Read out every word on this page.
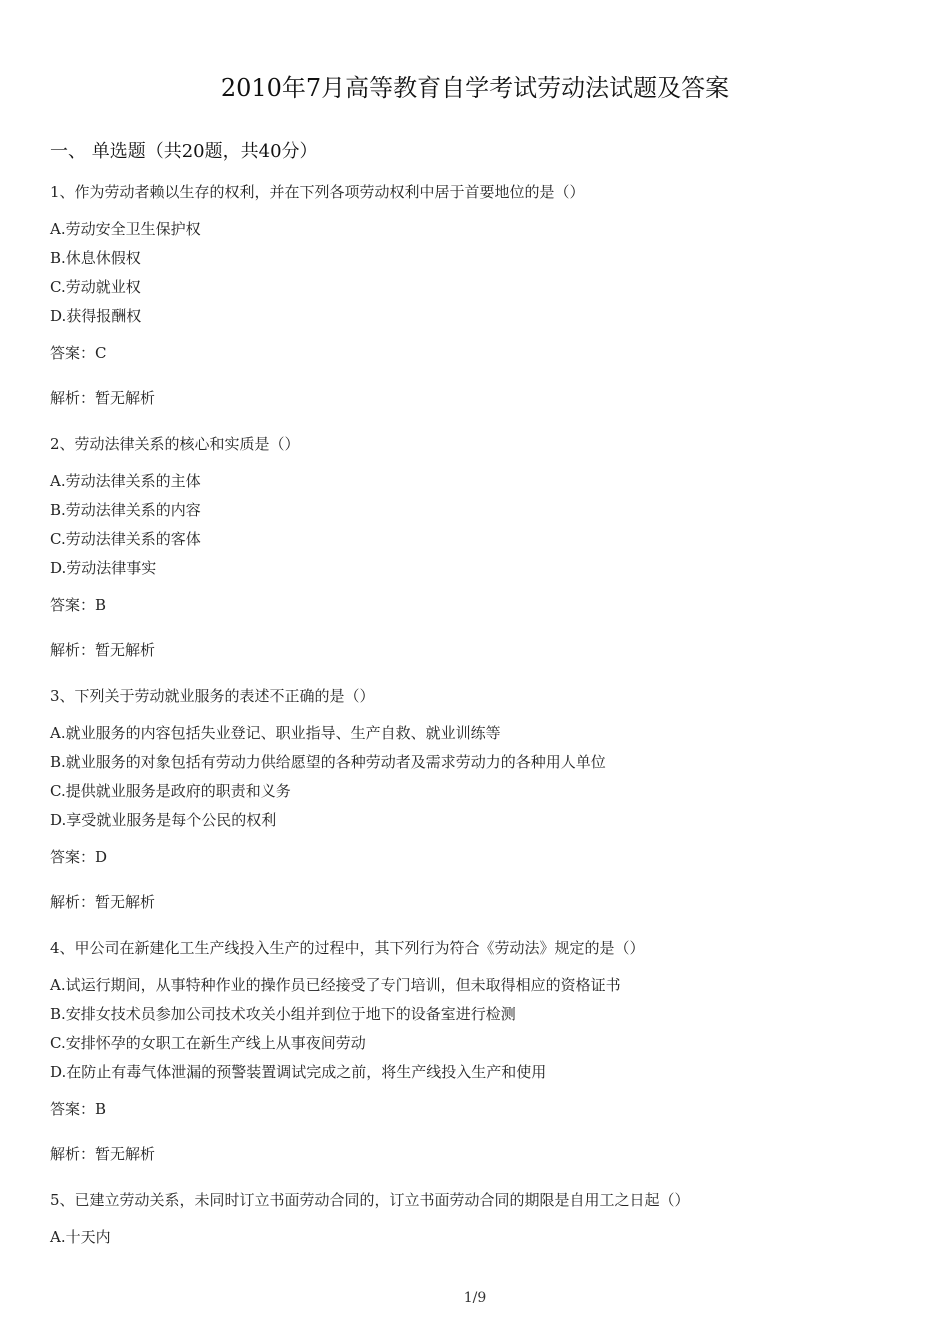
2010年7月高等教育自学考试劳动法试题及答案
一、 单选题（共20题，共40分）
1、作为劳动者赖以生存的权利，并在下列各项劳动权利中居于首要地位的是（）
A.劳动安全卫生保护权
B.休息休假权
C.劳动就业权
D.获得报酬权
答案：C
解析：暂无解析
2、劳动法律关系的核心和实质是（）
A.劳动法律关系的主体
B.劳动法律关系的内容
C.劳动法律关系的客体
D.劳动法律事实
答案：B
解析：暂无解析
3、下列关于劳动就业服务的表述不正确的是（）
A.就业服务的内容包括失业登记、职业指导、生产自救、就业训练等
B.就业服务的对象包括有劳动力供给愿望的各种劳动者及需求劳动力的各种用人单位
C.提供就业服务是政府的职责和义务
D.享受就业服务是每个公民的权利
答案：D
解析：暂无解析
4、甲公司在新建化工生产线投入生产的过程中，其下列行为符合《劳动法》规定的是（）
A.试运行期间，从事特种作业的操作员已经接受了专门培训，但未取得相应的资格证书
B.安排女技术员参加公司技术攻关小组并到位于地下的设备室进行检测
C.安排怀孕的女职工在新生产线上从事夜间劳动
D.在防止有毒气体泄漏的预警装置调试完成之前，将生产线投入生产和使用
答案：B
解析：暂无解析
5、已建立劳动关系，未同时订立书面劳动合同的，订立书面劳动合同的期限是自用工之日起（）
A.十天内
1/9
